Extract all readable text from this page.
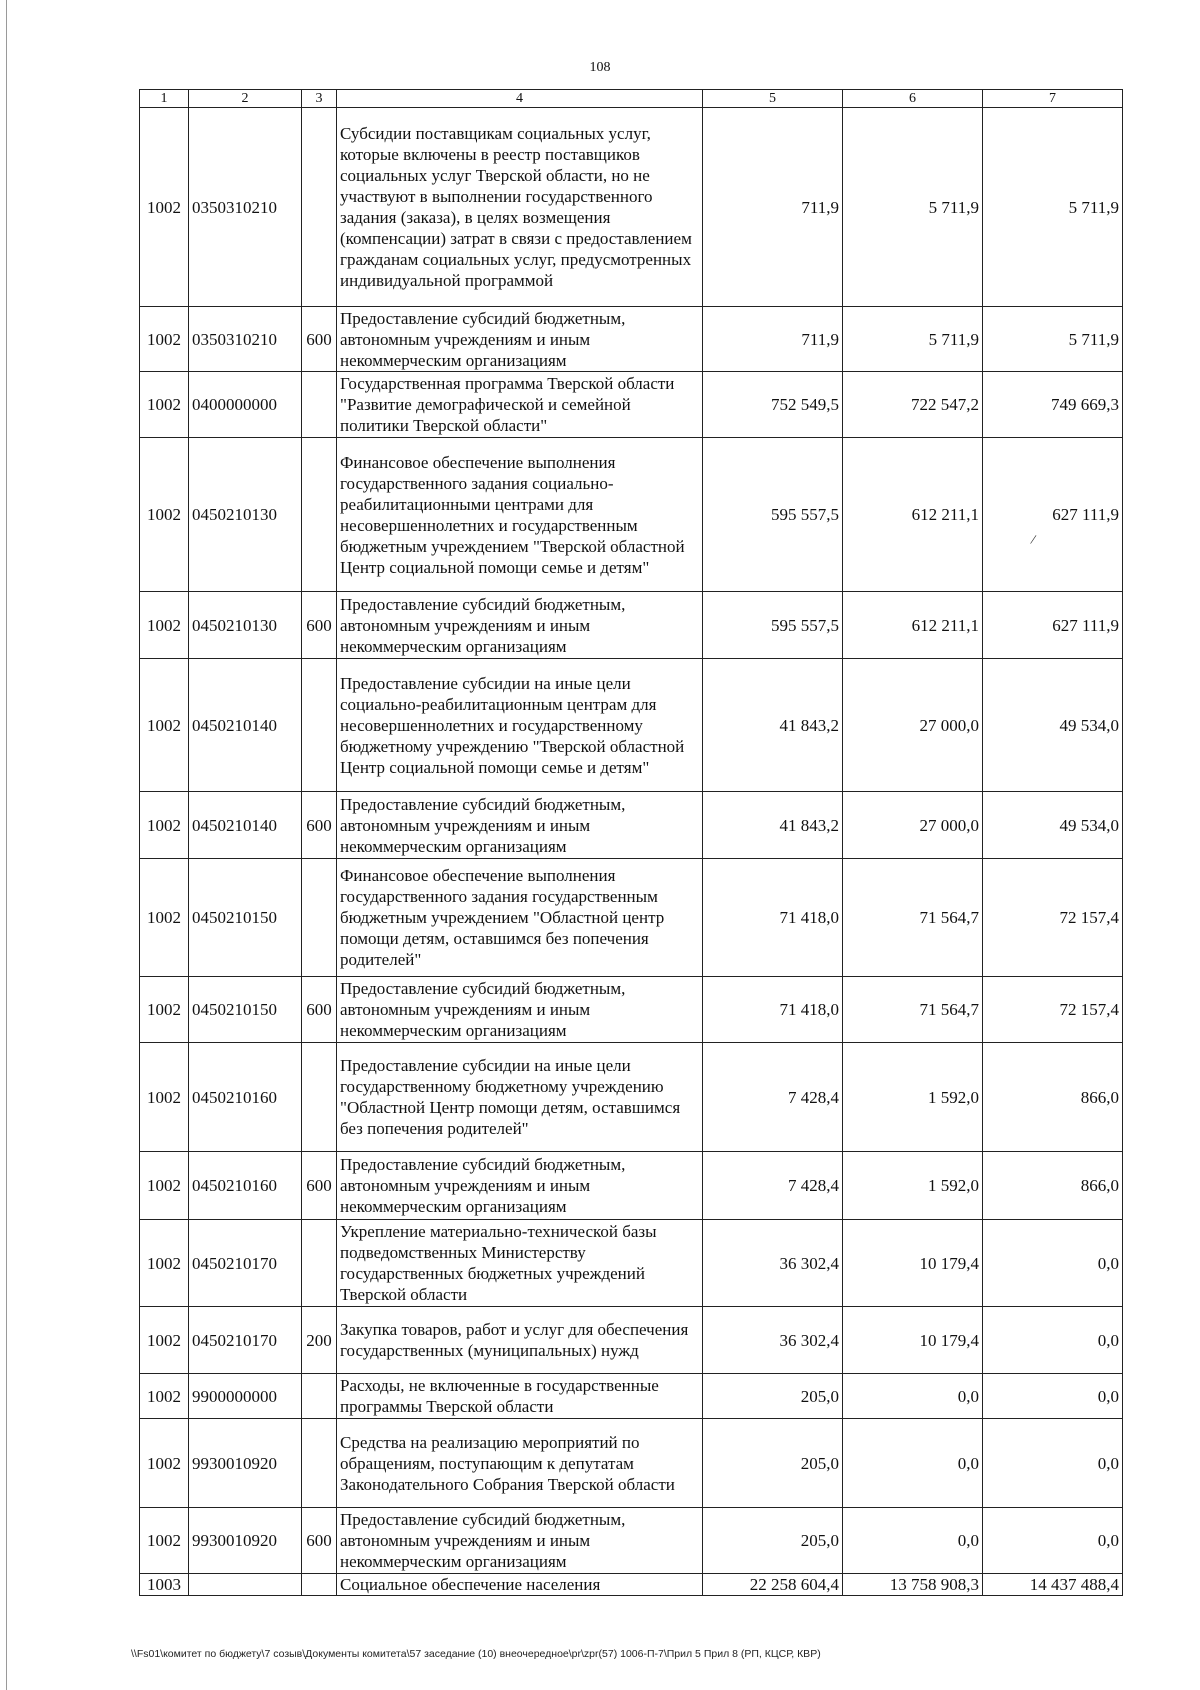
108
1	2	3	4	5	6	7
1002	0350310210		Субсидии поставщикам социальных услуг, которые включены в реестр поставщиков социальных услуг Тверской области, но не участвуют в выполнении государственного задания (заказа), в целях возмещения (компенсации) затрат в связи с предоставлением гражданам социальных услуг, предусмотренных индивидуальной программой	711,9	5 711,9	5 711,9
1002	0350310210	600	Предоставление субсидий бюджетным, автономным учреждениям и иным некоммерческим организациям	711,9	5 711,9	5 711,9
1002	0400000000		Государственная программа Тверской области "Развитие демографической и семейной политики Тверской области"	752 549,5	722 547,2	749 669,3
1002	0450210130		Финансовое обеспечение выполнения государственного задания социально-реабилитационными центрами для несовершеннолетних и государственным бюджетным учреждением "Тверской областной Центр социальной помощи семье и детям"	595 557,5	612 211,1	627 111,9
1002	0450210130	600	Предоставление субсидий бюджетным, автономным учреждениям и иным некоммерческим организациям	595 557,5	612 211,1	627 111,9
1002	0450210140		Предоставление субсидии на иные цели социально-реабилитационным центрам для несовершеннолетних и государственному бюджетному учреждению "Тверской областной Центр социальной помощи семье и детям"	41 843,2	27 000,0	49 534,0
1002	0450210140	600	Предоставление субсидий бюджетным, автономным учреждениям и иным некоммерческим организациям	41 843,2	27 000,0	49 534,0
1002	0450210150		Финансовое обеспечение выполнения государственного задания государственным бюджетным учреждением "Областной центр помощи детям, оставшимся без попечения родителей"	71 418,0	71 564,7	72 157,4
1002	0450210150	600	Предоставление субсидий бюджетным, автономным учреждениям и иным некоммерческим организациям	71 418,0	71 564,7	72 157,4
1002	0450210160		Предоставление субсидии на иные цели государственному бюджетному учреждению "Областной Центр помощи детям, оставшимся без попечения родителей"	7 428,4	1 592,0	866,0
1002	0450210160	600	Предоставление субсидий бюджетным, автономным учреждениям и иным некоммерческим организациям	7 428,4	1 592,0	866,0
1002	0450210170		Укрепление материально-технической базы подведомственных Министерству государственных бюджетных учреждений Тверской области	36 302,4	10 179,4	0,0
1002	0450210170	200	Закупка товаров, работ и услуг для обеспечения государственных (муниципальных) нужд	36 302,4	10 179,4	0,0
1002	9900000000		Расходы, не включенные в государственные программы Тверской области	205,0	0,0	0,0
1002	9930010920		Средства на реализацию мероприятий по обращениям, поступающим к депутатам Законодательного Собрания Тверской области	205,0	0,0	0,0
1002	9930010920	600	Предоставление субсидий бюджетным, автономным учреждениям и иным некоммерческим организациям	205,0	0,0	0,0
1003			Социальное обеспечение населения	22 258 604,4	13 758 908,3	14 437 488,4
/
\\Fs01\комитет по бюджету\7 созыв\Документы комитета\57 заседание (10) внеочередное\pr\zpr(57) 1006-П-7\Прил 5 Прил 8 (РП, КЦСР, КВР)
